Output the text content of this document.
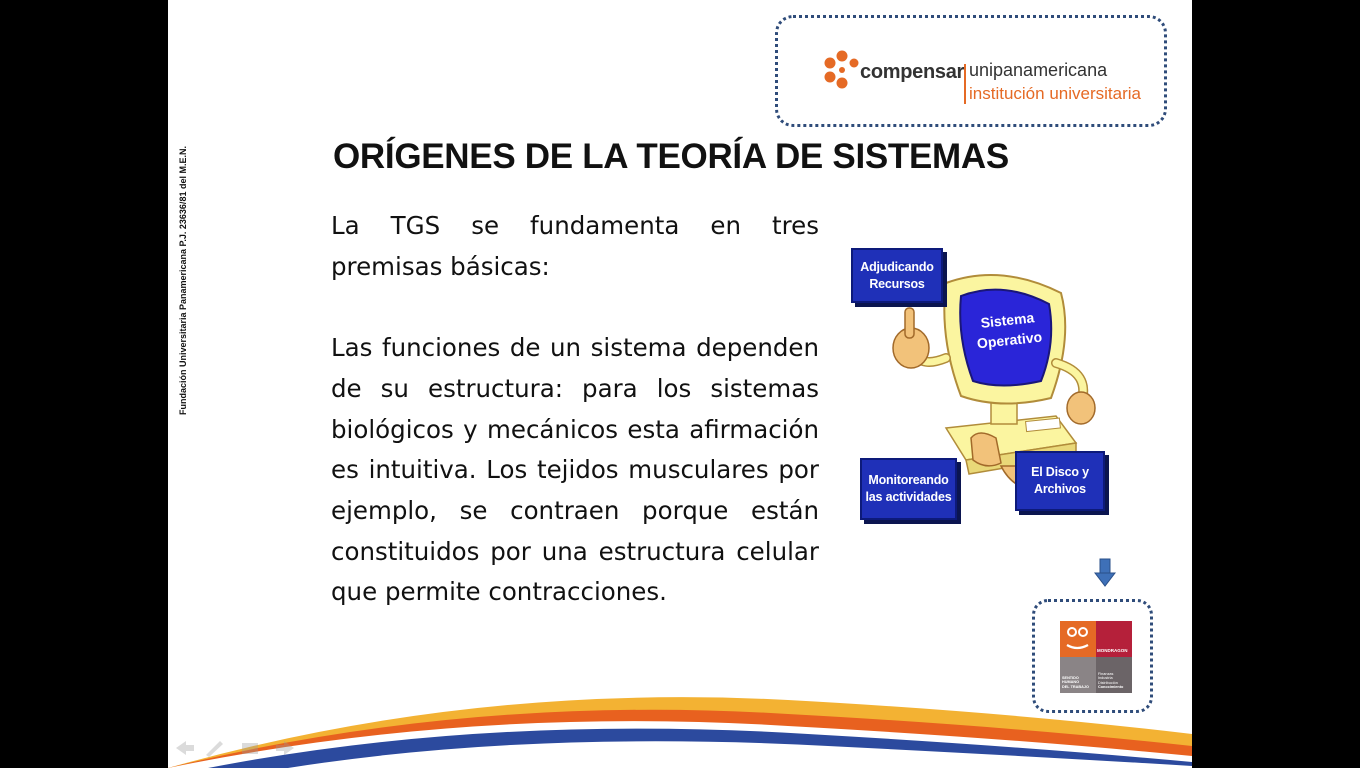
Fundación Universitaria Panamericana P.J. 23636/81 del M.E.N.
compensar unipanamericana
institución universitaria
ORÍGENES DE LA TEORÍA DE SISTEMAS

La TGS se fundamenta en tres premisas básicas:

Las funciones de un sistema dependen de su estructura: para los sistemas biológicos y mecánicos esta afirmación es intuitiva. Los tejidos musculares por ejemplo, se contraen porque están constituidos por una estructura celular que permite contracciones.

Adjudicando
Recursos
Sistema
Operativo
Monitoreando
las actividades
El Disco y
Archivos
MONDRAGON
SENTIDO
HUMANO
DEL TRABAJO
Finanzas
Industria
Distribución
Conocimiento
